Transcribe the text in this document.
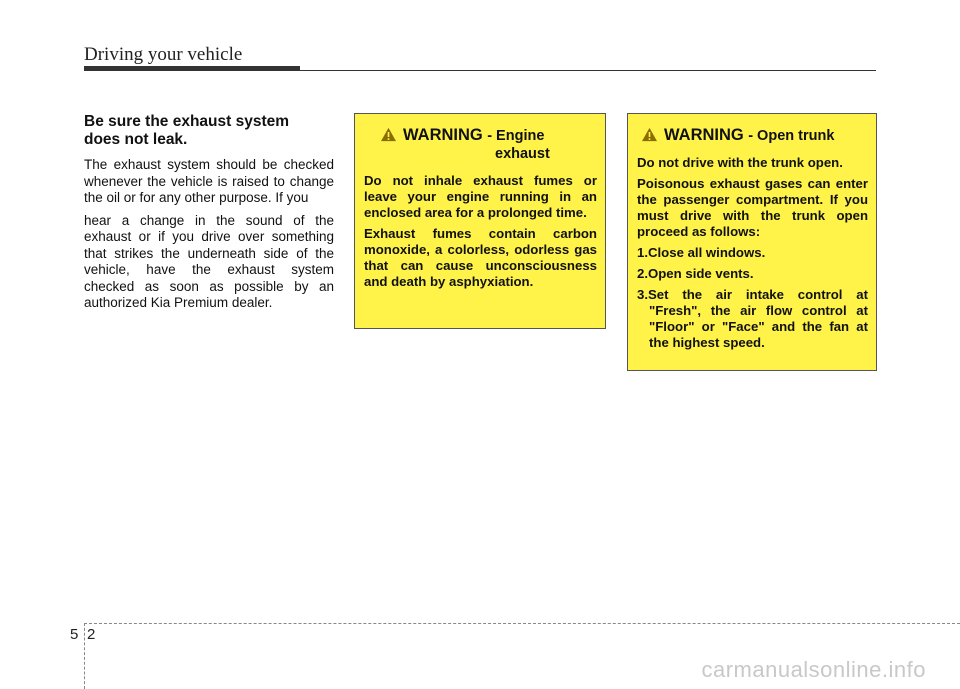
Driving your vehicle
Be sure the exhaust system
does not leak.

The exhaust system should be checked whenever the vehicle is raised to change the oil or for any other purpose. If you

hear a change in the sound of the exhaust or if you drive over something that strikes the underneath side of the vehicle, have the exhaust system checked as soon as possible by an authorized Kia Premium dealer.

WARNING - Engine
exhaust

Do not inhale exhaust fumes or leave your engine running in an enclosed area for a prolonged time.

Exhaust fumes contain carbon monoxide, a colorless, odorless gas that can cause unconsciousness and death by asphyxiation.

WARNING - Open trunk

Do not drive with the trunk open.

Poisonous exhaust gases can enter the passenger compartment. If you must drive with the trunk open proceed as follows:

1.Close all windows.
2.Open side vents.
3.Set the air intake control at "Fresh", the air flow control at "Floor" or "Face" and the fan at the highest speed.
5 2
carmanualsonline.info
